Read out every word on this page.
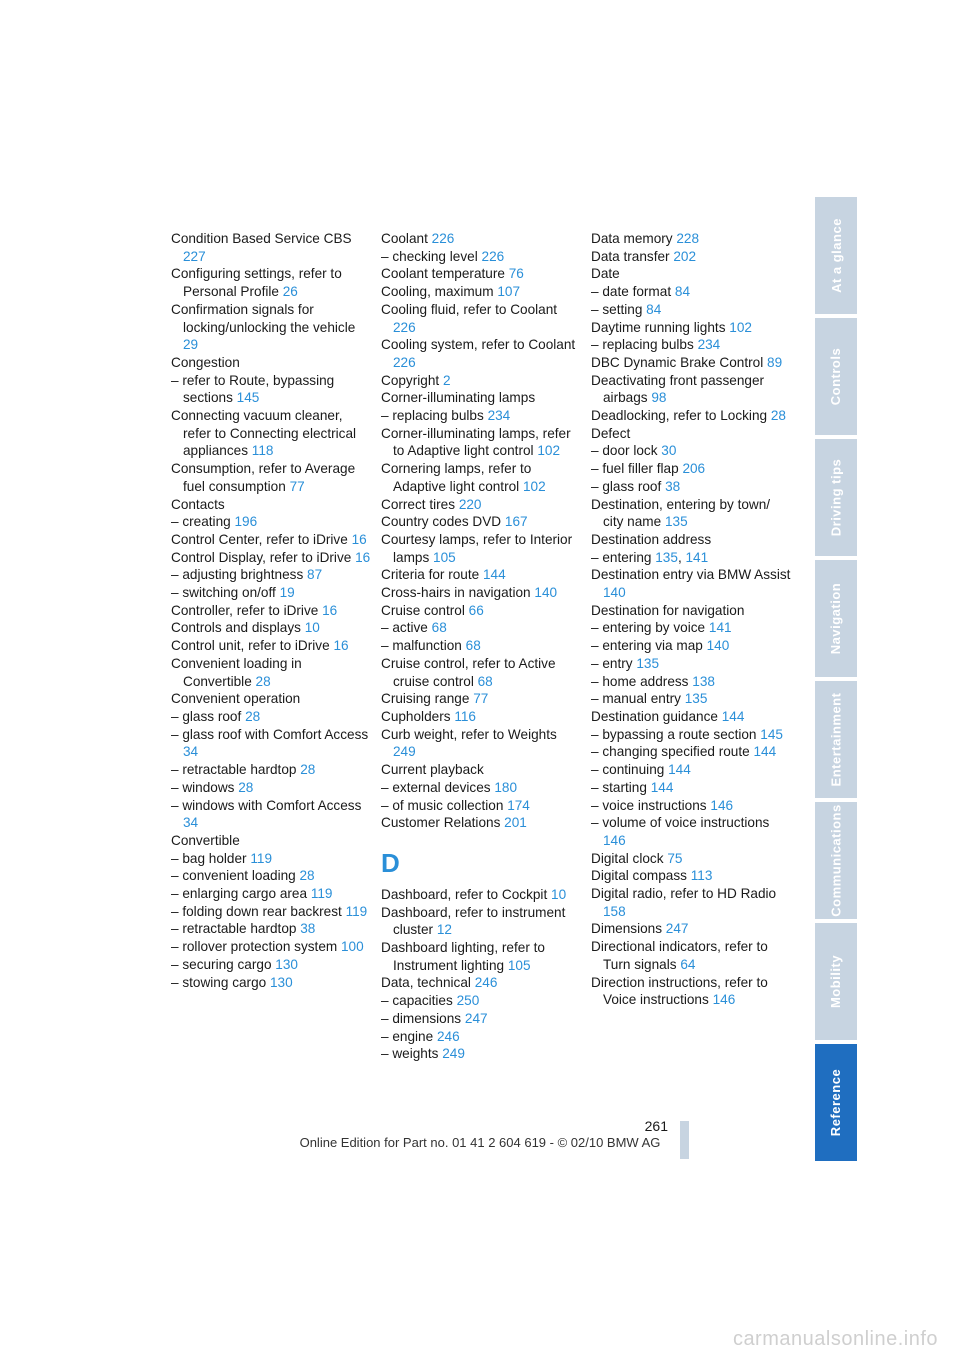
Condition Based Service CBS 227
Configuring settings, refer to Personal Profile 26
Confirmation signals for locking/unlocking the vehicle 29
Congestion
– refer to Route, bypassing sections 145
Connecting vacuum cleaner, refer to Connecting electrical appliances 118
Consumption, refer to Average fuel consumption 77
Contacts
– creating 196
Control Center, refer to iDrive 16
Control Display, refer to iDrive 16
– adjusting brightness 87
– switching on/off 19
Controller, refer to iDrive 16
Controls and displays 10
Control unit, refer to iDrive 16
Convenient loading in Convertible 28
Convenient operation
– glass roof 28
– glass roof with Comfort Access 34
– retractable hardtop 28
– windows 28
– windows with Comfort Access 34
Convertible
– bag holder 119
– convenient loading 28
– enlarging cargo area 119
– folding down rear backrest 119
– retractable hardtop 38
– rollover protection system 100
– securing cargo 130
– stowing cargo 130
Coolant 226
– checking level 226
Coolant temperature 76
Cooling, maximum 107
Cooling fluid, refer to Coolant 226
Cooling system, refer to Coolant 226
Copyright 2
Corner-illuminating lamps
– replacing bulbs 234
Corner-illuminating lamps, refer to Adaptive light control 102
Cornering lamps, refer to Adaptive light control 102
Correct tires 220
Country codes DVD 167
Courtesy lamps, refer to Interior lamps 105
Criteria for route 144
Cross-hairs in navigation 140
Cruise control 66
– active 68
– malfunction 68
Cruise control, refer to Active cruise control 68
Cruising range 77
Cupholders 116
Curb weight, refer to Weights 249
Current playback
– external devices 180
– of music collection 174
Customer Relations 201
D
Dashboard, refer to Cockpit 10
Dashboard, refer to instrument cluster 12
Dashboard lighting, refer to Instrument lighting 105
Data, technical 246
– capacities 250
– dimensions 247
– engine 246
– weights 249
Data memory 228
Data transfer 202
Date
– date format 84
– setting 84
Daytime running lights 102
– replacing bulbs 234
DBC Dynamic Brake Control 89
Deactivating front passenger airbags 98
Deadlocking, refer to Locking 28
Defect
– door lock 30
– fuel filler flap 206
– glass roof 38
Destination, entering by town/ city name 135
Destination address
– entering 135, 141
Destination entry via BMW Assist 140
Destination for navigation
– entering by voice 141
– entering via map 140
– entry 135
– home address 138
– manual entry 135
Destination guidance 144
– bypassing a route section 145
– changing specified route 144
– continuing 144
– starting 144
– voice instructions 146
– volume of voice instructions 146
Digital clock 75
Digital compass 113
Digital radio, refer to HD Radio 158
Dimensions 247
Directional indicators, refer to Turn signals 64
Direction instructions, refer to Voice instructions 146
At a glance
Controls
Driving tips
Navigation
Entertainment
Communications
Mobility
Reference
261
Online Edition for Part no. 01 41 2 604 619 - © 02/10 BMW AG
carmanualsonline.info
